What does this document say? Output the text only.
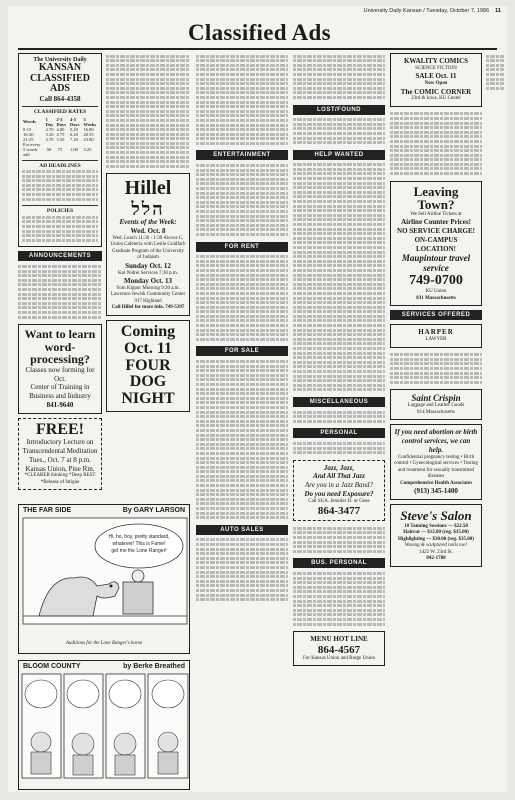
University Daily Kansan / Tuesday, October 7, 1986 11
Classified Ads
The University Daily
KANSAN CLASSIFIED ADS
Call 864-4358
CLASSIFIED RATES
Words	1 Day	2-3 Days	4-5 Days	5 Weeks
0-15	2.70	4.00	5.20	16.80
16-20	3.20	4.75	6.20	20.55
21-25	3.70	5.50	7.20	23.80
For every 5 words add	.50	.75	1.00	3.25
AD DEADLINES
POLICIES
ANNOUNCEMENTS
Want to learn word-processing?
Classes now forming for Oct.
Center of Training in Business and Industry
841-9640
FREE!
Introductory Lecture on Transcendental Meditation
Tues., Oct. 7 at 8 p.m. Kansas Union, Pine Rm.
*CLEARER thinking *Deep REST *Release of fatigue
Hillel
הלל
Events of the Week:
Wed. Oct. 8
Wed. Lunch 11:30 - 1:30 Alcove C, Union Cafeteria with Leslie Goldfarb Graduate Program of the University of Judaism
Sunday Oct. 12
Kol Nidrei Services 7:30 p.m.
Monday Oct. 13
Yom Kippur Morning 9:30 a.m. Lawrence Jewish Community Center 917 Highland
Call Hillel for more info. 749-5397
Coming
Oct. 11
FOUR DOG NIGHT
THE FAR SIDE	By GARY LARSON
Hi, ho, boy, pretty standard,
whatever! This is Fame!
get me the Lone Ranger!
Auditions for the Lone Ranger's horse
BLOOM COUNTY	by Berke Breathed
ENTERTAINMENT
FOR RENT
FOR SALE
AUTO SALES
LOST/FOUND
HELP WANTED
MISCELLANEOUS
PERSONAL
Jazz, Jazz,
And All That Jazz
Are you in a Jazz Band?
Do you need Exposure?
Call SUA. Jennifer D. or Gene
864-3477
BUS. PERSONAL
MENU HOT LINE
864-4567
For Kansas Union and Burge Union
KWALITY COMICS
SCIENCE FICTION
SALE Oct. 11
Now Open
The COMIC CORNER
23rd & Iowa, KU Center
Leaving Town?
We Sell Airline Tickets at
Airline Counter Prices!
NO SERVICE CHARGE!
ON-CAMPUS LOCATION!
Maupintour travel service
749-0700
KU Union
831 Massachusetts
SERVICES OFFERED
HARPER
LAWYER
Saint Crispin
Luggage and Leather Goods
814 Massachusetts
If you need abortion or birth control services, we can help.
Confidential pregnancy testing • Birth control • Gynecological services • Testing and treatment for sexually transmitted diseases
Comprehensive Health Associates
(913) 345-1400
Steve's Salon
10 Tanning Sessions — $22.50
Haircut — $12.00 (reg. $15.00)
Highlighting — $30.00 (reg. $35.00)
Waxing & sculptured nails too!
1422 W. 23rd St.
842-1788
